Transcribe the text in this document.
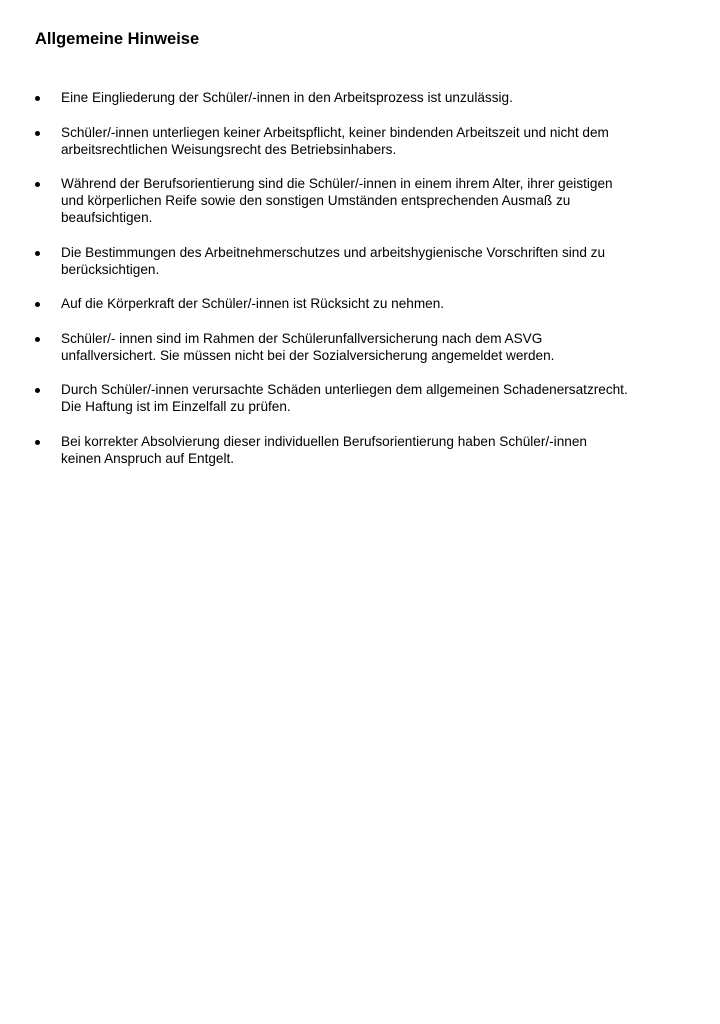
Allgemeine Hinweise
Eine Eingliederung der Schüler/-innen in den Arbeitsprozess ist unzulässig.
Schüler/-innen unterliegen keiner Arbeitspflicht, keiner bindenden Arbeitszeit und nicht dem
arbeitsrechtlichen Weisungsrecht des Betriebsinhabers.
Während der Berufsorientierung sind die Schüler/-innen in einem ihrem Alter, ihrer geistigen
und körperlichen Reife sowie den sonstigen Umständen entsprechenden Ausmaß zu
beaufsichtigen.
Die Bestimmungen des Arbeitnehmerschutzes und arbeitshygienische Vorschriften sind zu
berücksichtigen.
Auf die Körperkraft der Schüler/-innen ist Rücksicht zu nehmen.
Schüler/- innen sind im Rahmen der Schülerunfallversicherung nach dem ASVG
unfallversichert. Sie müssen nicht bei der Sozialversicherung angemeldet werden.
Durch Schüler/-innen verursachte Schäden unterliegen dem allgemeinen Schadenersatzrecht.
Die Haftung ist im Einzelfall zu prüfen.
Bei korrekter Absolvierung dieser individuellen Berufsorientierung haben Schüler/-innen
keinen Anspruch auf Entgelt.
